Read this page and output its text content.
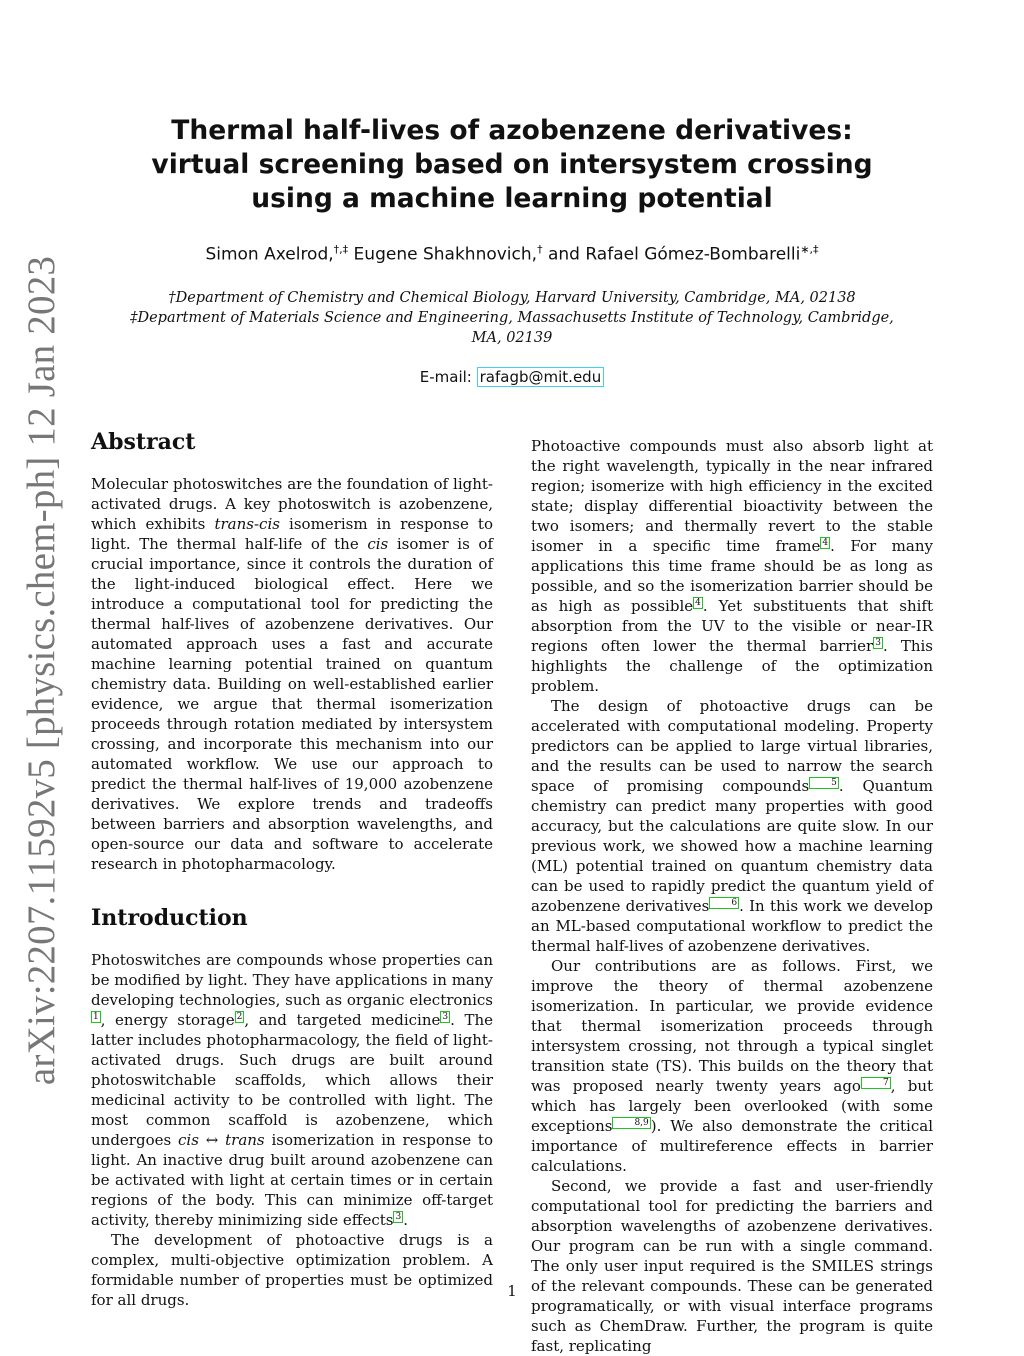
arXiv:2207.11592v5 [physics.chem-ph] 12 Jan 2023
Thermal half-lives of azobenzene derivatives: virtual screening based on intersystem crossing using a machine learning potential
Simon Axelrod,†,‡ Eugene Shakhnovich,† and Rafael Gómez-Bombarelli∗,‡
†Department of Chemistry and Chemical Biology, Harvard University, Cambridge, MA, 02138
‡Department of Materials Science and Engineering, Massachusetts Institute of Technology, Cambridge, MA, 02139
E-mail: rafagb@mit.edu
Abstract

Molecular photoswitches are the foundation of light-activated drugs. A key photoswitch is azobenzene, which exhibits trans-cis isomerism in response to light. The thermal half-life of the cis isomer is of crucial importance, since it controls the duration of the light-induced biological effect. Here we introduce a computational tool for predicting the thermal half-lives of azobenzene derivatives. Our automated approach uses a fast and accurate machine learning potential trained on quantum chemistry data. Building on well-established earlier evidence, we argue that thermal isomerization proceeds through rotation mediated by intersystem crossing, and incorporate this mechanism into our automated workflow. We use our approach to predict the thermal half-lives of 19,000 azobenzene derivatives. We explore trends and tradeoffs between barriers and absorption wavelengths, and open-source our data and software to accelerate research in photopharmacology.

Introduction

Photoswitches are compounds whose properties can be modified by light. They have applications in many developing technologies, such as organic electronics1 , energy storage 2 , and targeted medicine 3 . The latter includes photopharmacology, the field of light-activated drugs. Such drugs are built around photoswitchable scaffolds, which allows their medicinal activity to be controlled with light. The most common scaffold is azobenzene, which undergoes cis ↔ trans isomerization in response to light. An inactive drug built around azobenzene can be activated with light at certain times or in certain regions of the body. This can minimize off-target activity, thereby minimizing side effects 3 .

The development of photoactive drugs is a complex, multi-objective optimization problem. A formidable number of properties must be optimized for all drugs.

Photoactive compounds must also absorb light at the right wavelength, typically in the near infrared region; isomerize with high efficiency in the excited state; display differential bioactivity between the two isomers; and thermally revert to the stable isomer in a specific time frame 4 . For many applications this time frame should be as long as possible, and so the isomerization barrier should be as high as possible 4 . Yet substituents that shift absorption from the UV to the visible or near-IR regions often lower the thermal barrier 3 . This highlights the challenge of the optimization problem.

The design of photoactive drugs can be accelerated with computational modeling. Property predictors can be applied to large virtual libraries, and the results can be used to narrow the search space of promising compounds 5 . Quantum chemistry can predict many properties with good accuracy, but the calculations are quite slow. In our previous work, we showed how a machine learning (ML) potential trained on quantum chemistry data can be used to rapidly predict the quantum yield of azobenzene derivatives 6 . In this work we develop an ML-based computational workflow to predict the thermal half-lives of azobenzene derivatives.

Our contributions are as follows. First, we improve the theory of thermal azobenzene isomerization. In particular, we provide evidence that thermal isomerization proceeds through intersystem crossing, not through a typical singlet transition state (TS). This builds on the theory that was proposed nearly twenty years ago 7 , but which has largely been overlooked (with some exceptions 8,9 ). We also demonstrate the critical importance of multireference effects in barrier calculations.

Second, we provide a fast and user-friendly computational tool for predicting the barriers and absorption wavelengths of azobenzene derivatives. Our program can be run with a single command. The only user input required is the SMILES strings of the relevant compounds. These can be generated programatically, or with visual interface programs such as ChemDraw. Further, the program is quite fast, replicating

1
